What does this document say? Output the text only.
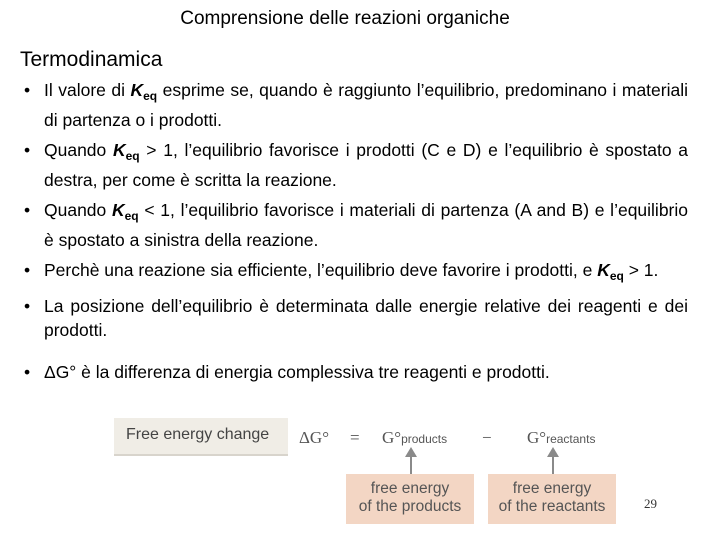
Comprensione delle reazioni organiche
Termodinamica
• Il valore di $K_{eq}$ esprime se, quando è raggiunto l’equilibrio, predominano i materiali di partenza o i prodotti.
• Quando $K_{eq} > 1$, l’equilibrio favorisce i prodotti (C e D) e l’equilibrio è spostato a destra, per come è scritta la reazione.
• Quando $K_{eq} < 1$, l’equilibrio favorisce i materiali di partenza (A and B) e l’equilibrio è spostato a sinistra della reazione.
• Perchè una reazione sia efficiente, l’equilibrio deve favorire i prodotti, e $K_{eq} > 1$.
• La posizione dell’equilibrio è determinata dalle energie relative dei reagenti e dei prodotti.
• ΔG° è la differenza di energia complessiva tre reagenti e prodotti.
Free energy change ΔG° = G°products − G°reactants
free energy
of the products
free energy
of the reactants	29
